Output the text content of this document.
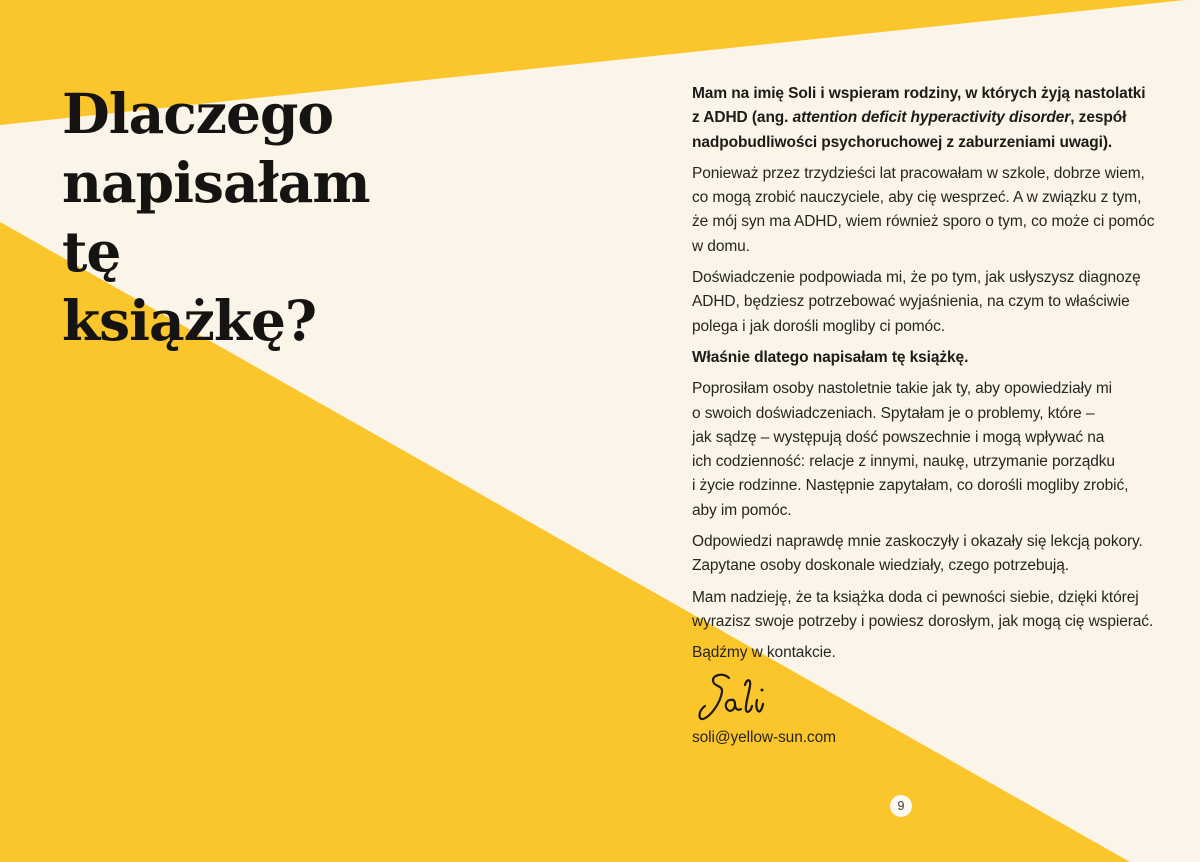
Dlaczego
napisałam
tę
książkę?
Mam na imię Soli i wspieram rodziny, w których żyją nastolatki
z ADHD (ang. attention deficit hyperactivity disorder, zespół
nadpobudliwości psychoruchowej z zaburzeniami uwagi).
Ponieważ przez trzydzieści lat pracowałam w szkole, dobrze wiem,
co mogą zrobić nauczyciele, aby cię wesprzeć. A w związku z tym,
że mój syn ma ADHD, wiem również sporo o tym, co może ci pomóc
w domu.
Doświadczenie podpowiada mi, że po tym, jak usłyszysz diagnozę
ADHD, będziesz potrzebować wyjaśnienia, na czym to właściwie
polega i jak dorośli mogliby ci pomóc.
Właśnie dlatego napisałam tę książkę.
Poprosiłam osoby nastoletnie takie jak ty, aby opowiedziały mi
o swoich doświadczeniach. Spytałam je o problemy, które –
jak sądzę – występują dość powszechnie i mogą wpływać na
ich codzienność: relacje z innymi, naukę, utrzymanie porządku
i życie rodzinne. Następnie zapytałam, co dorośli mogliby zrobić,
aby im pomóc.
Odpowiedzi naprawdę mnie zaskoczyły i okazały się lekcją pokory.
Zapytane osoby doskonale wiedziały, czego potrzebują.
Mam nadzieję, że ta książka doda ci pewności siebie, dzięki której
wyrazisz swoje potrzeby i powiesz dorosłym, jak mogą cię wspierać.
Bądźmy w kontakcie.
soli@yellow-sun.com
9
